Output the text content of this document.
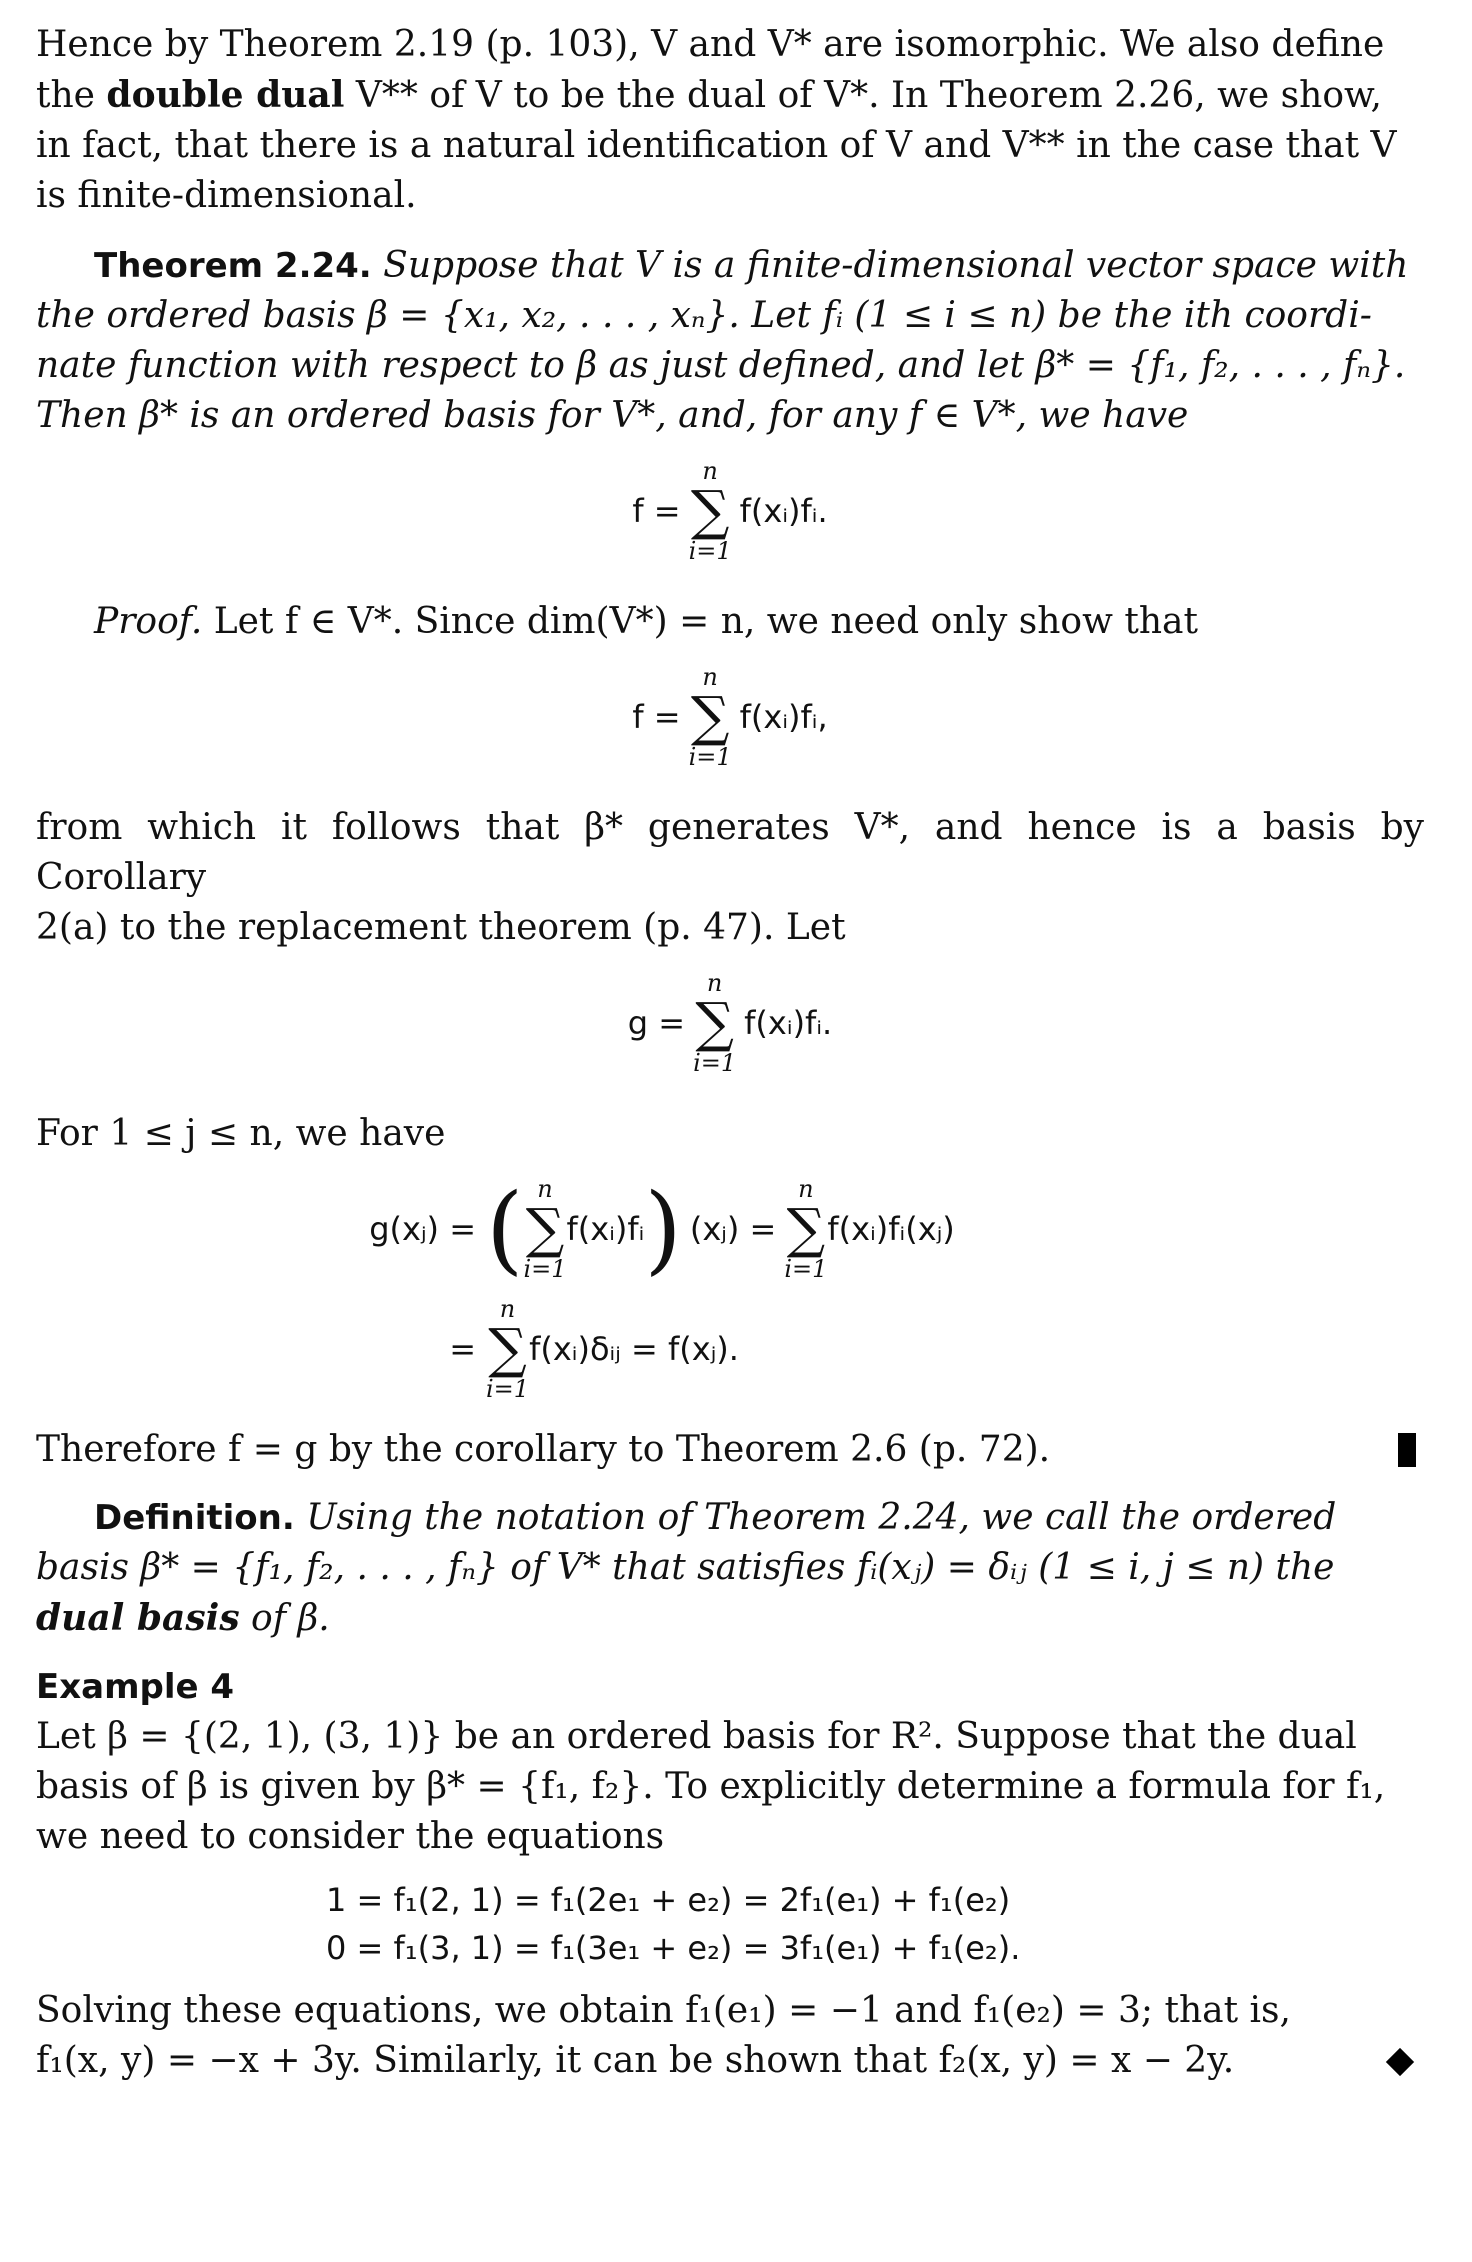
Hence by Theorem 2.19 (p. 103), V and V* are isomorphic. We also define
the double dual V** of V to be the dual of V*. In Theorem 2.26, we show,
in fact, that there is a natural identification of V and V** in the case that V
is finite-dimensional.

Theorem 2.24. Suppose that V is a finite-dimensional vector space with
the ordered basis β = {x₁, x₂, . . . , xₙ}. Let fᵢ (1 ≤ i ≤ n) be the ith coordi-
nate function with respect to β as just defined, and let β* = {f₁, f₂, . . . , fₙ}.
Then β* is an ordered basis for V*, and, for any f ∈ V*, we have

f =
n
∑
i=1
f(xᵢ)fᵢ.

Proof. Let f ∈ V*. Since dim(V*) = n, we need only show that

f =
n
∑
i=1
f(xᵢ)fᵢ,

from which it follows that β* generates V*, and hence is a basis by Corollary
2(a) to the replacement theorem (p. 47). Let

g =
n
∑
i=1
f(xᵢ)fᵢ.

For 1 ≤ j ≤ n, we have

g(xⱼ) = ( n
∑
i=1
f(xᵢ)fᵢ ) (xⱼ) =
n
∑
i=1
f(xᵢ)fᵢ(xⱼ)
=
n
∑
i=1
f(xᵢ)δᵢⱼ = f(xⱼ).

Therefore f = g by the corollary to Theorem 2.6 (p. 72).

Definition. Using the notation of Theorem 2.24, we call the ordered
basis β* = {f₁, f₂, . . . , fₙ} of V* that satisfies fᵢ(xⱼ) = δᵢⱼ (1 ≤ i, j ≤ n) the
dual basis of β.

Example 4

Let β = {(2, 1), (3, 1)} be an ordered basis for R². Suppose that the dual
basis of β is given by β* = {f₁, f₂}. To explicitly determine a formula for f₁,
we need to consider the equations

1 = f₁(2, 1) = f₁(2e₁ + e₂) = 2f₁(e₁) + f₁(e₂)
0 = f₁(3, 1) = f₁(3e₁ + e₂) = 3f₁(e₁) + f₁(e₂).

Solving these equations, we obtain f₁(e₁) = −1 and f₁(e₂) = 3; that is,
f₁(x, y) = −x + 3y. Similarly, it can be shown that f₂(x, y) = x − 2y.
